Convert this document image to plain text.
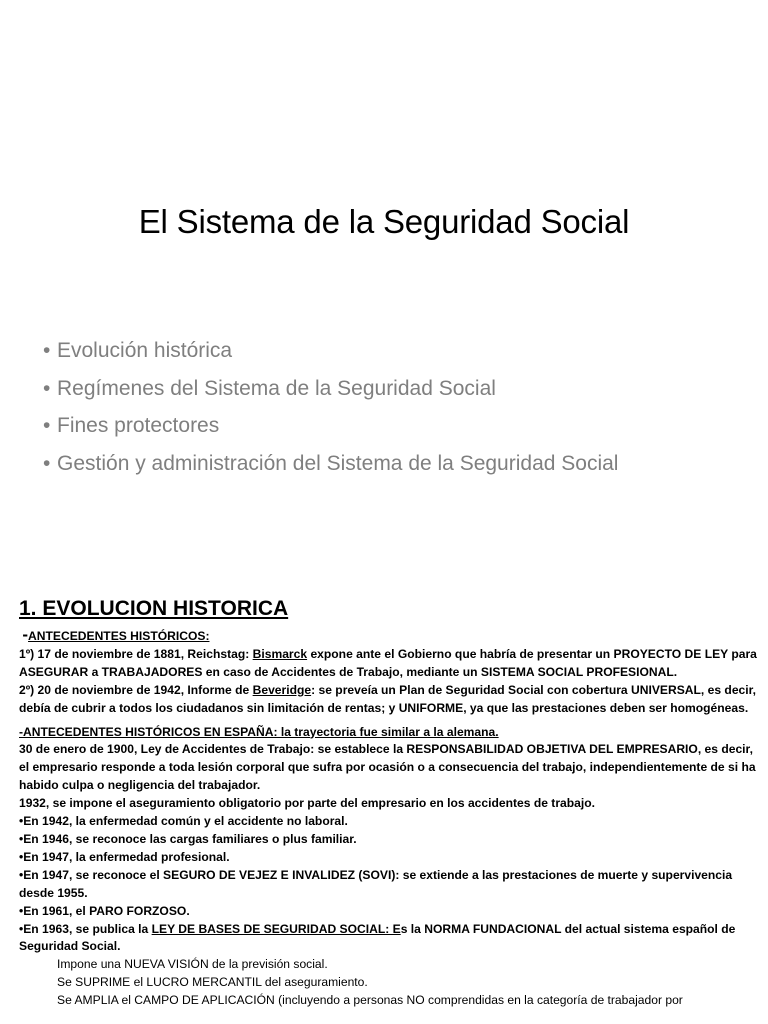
El Sistema de la Seguridad Social
• Evolución histórica
• Regímenes del Sistema de la Seguridad Social
• Fines protectores
• Gestión y administración del Sistema de la Seguridad Social
1. EVOLUCION HISTORICA

-ANTECEDENTES HISTÓRICOS:

1º) 17 de noviembre de 1881, Reichstag: Bismarck expone ante el Gobierno que habría de presentar un PROYECTO DE LEY para ASEGURAR a TRABAJADORES en caso de Accidentes de Trabajo, mediante un SISTEMA SOCIAL PROFESIONAL.

2º) 20 de noviembre de 1942, Informe de Beveridge: se preveía un Plan de Seguridad Social con cobertura UNIVERSAL, es decir, debía de cubrir a todos los ciudadanos sin limitación de rentas; y UNIFORME, ya que las prestaciones deben ser homogéneas.

-ANTECEDENTES HISTÓRICOS EN ESPAÑA: la trayectoria fue similar a la alemana.

30 de enero de 1900, Ley de Accidentes de Trabajo: se establece la RESPONSABILIDAD OBJETIVA DEL EMPRESARIO, es decir, el empresario responde a toda lesión corporal que sufra por ocasión o a consecuencia del trabajo, independientemente de si ha habido culpa o negligencia del trabajador.

1932, se impone el aseguramiento obligatorio por parte del empresario en los accidentes de trabajo.

•En 1942, la enfermedad común y el accidente no laboral.

•En 1946, se reconoce las cargas familiares o plus familiar.

•En 1947, la enfermedad profesional.

•En 1947, se reconoce el SEGURO DE VEJEZ E INVALIDEZ (SOVI): se extiende a las prestaciones de muerte y supervivencia desde 1955.

•En 1961, el PARO FORZOSO.

•En 1963, se publica la LEY DE BASES DE SEGURIDAD SOCIAL: Es la NORMA FUNDACIONAL del actual sistema español de Seguridad Social.

Impone una NUEVA VISIÓN de la previsión social.

Se SUPRIME el LUCRO MERCANTIL del aseguramiento.

Se AMPLIA el CAMPO DE APLICACIÓN (incluyendo a personas NO comprendidas en la categoría de trabajador por
